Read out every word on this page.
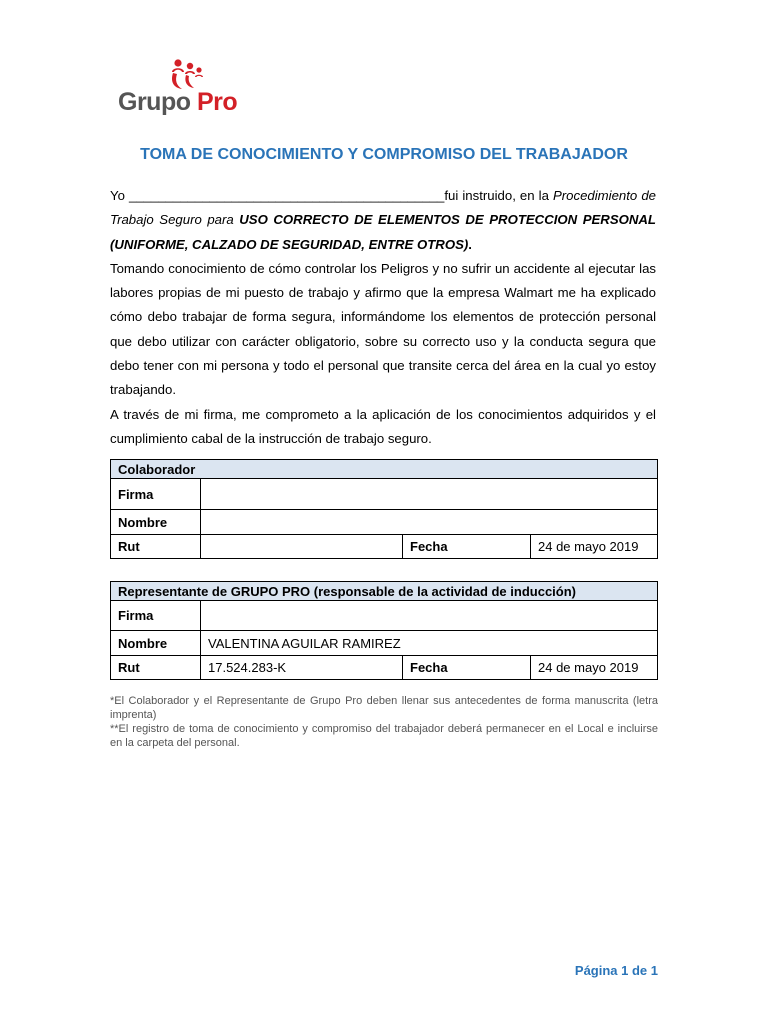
Grupo Pro
TOMA DE CONOCIMIENTO Y COMPROMISO DEL TRABAJADOR

Yo ___________________________________________fui instruido, en la Procedimiento de Trabajo Seguro para USO CORRECTO DE ELEMENTOS DE PROTECCION PERSONAL (UNIFORME, CALZADO DE SEGURIDAD, ENTRE OTROS).

Tomando conocimiento de cómo controlar los Peligros y no sufrir un accidente al ejecutar las labores propias de mi puesto de trabajo y afirmo que la empresa Walmart me ha explicado cómo debo trabajar de forma segura, informándome los elementos de protección personal que debo utilizar con carácter obligatorio, sobre su correcto uso y la conducta segura que debo tener con mi persona y todo el personal que transite cerca del área en la cual yo estoy trabajando.

A través de mi firma, me comprometo a la aplicación de los conocimientos adquiridos y el cumplimiento cabal de la instrucción de trabajo seguro.

Colaborador			
Firma			
Nombre			
Rut		Fecha	24 de mayo 2019
Representante de GRUPO PRO (responsable de la actividad de inducción)			
Firma			
Nombre	VALENTINA AGUILAR RAMIREZ		
Rut	17.524.283-K	Fecha	24 de mayo 2019

*El Colaborador y el Representante de Grupo Pro deben llenar sus antecedentes de forma manuscrita (letra imprenta)

**El registro de toma de conocimiento y compromiso del trabajador deberá permanecer en el Local e incluirse en la carpeta del personal.

Página 1 de 1
